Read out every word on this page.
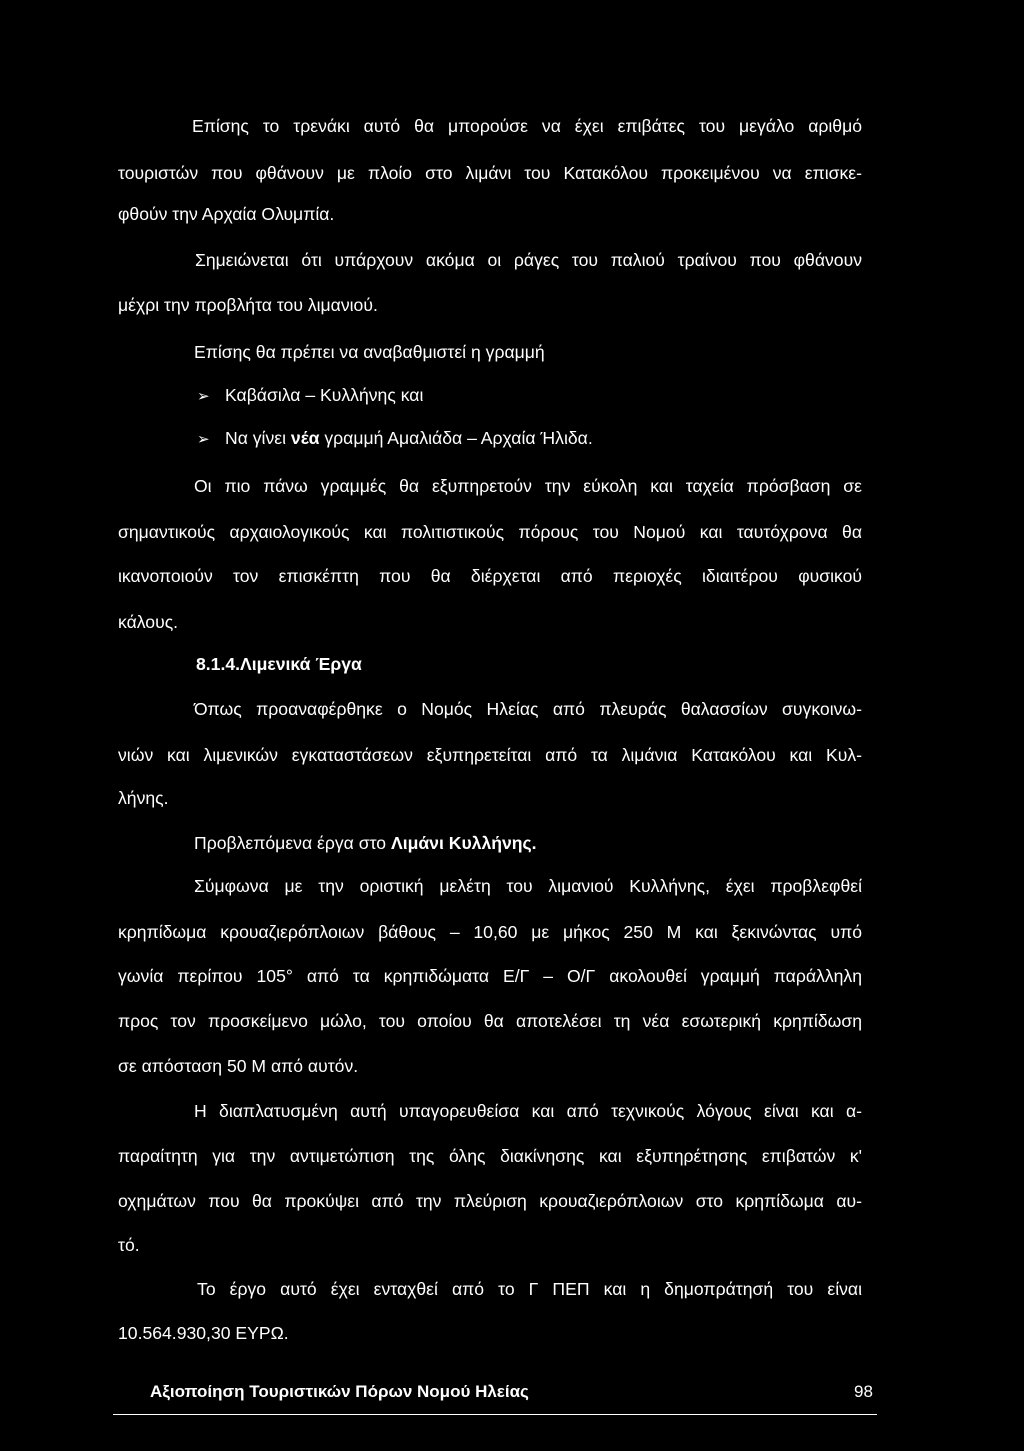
Επίσης το τρενάκι αυτό θα μπορούσε να έχει επιβάτες του μεγάλο αριθμό
τουριστών που φθάνουν με πλοίο στο λιμάνι του Κατακόλου προκειμένου να επισκε-
φθούν την Αρχαία Ολυμπία.
Σημειώνεται ότι υπάρχουν ακόμα οι ράγες του παλιού τραίνου που φθάνουν
μέχρι την προβλήτα του λιμανιού.
Επίσης θα πρέπει να αναβαθμιστεί η γραμμή
➢ Καβάσιλα – Κυλλήνης και
➢ Να γίνει νέα γραμμή Αμαλιάδα – Αρχαία Ήλιδα.
Οι πιο πάνω γραμμές θα εξυπηρετούν την εύκολη και ταχεία πρόσβαση σε
σημαντικούς αρχαιολογικούς και πολιτιστικούς πόρους του Νομού και ταυτόχρονα θα
ικανοποιούν τον επισκέπτη που θα διέρχεται από περιοχές ιδιαιτέρου φυσικού
κάλους.
8.1.4.Λιμενικά Έργα
Όπως προαναφέρθηκε ο Νομός Ηλείας από πλευράς θαλασσίων συγκοινω-
νιών και λιμενικών εγκαταστάσεων εξυπηρετείται από τα λιμάνια Κατακόλου και Κυλ-
λήνης.
Προβλεπόμενα έργα στο Λιμάνι Κυλλήνης.
Σύμφωνα με την οριστική μελέτη του λιμανιού Κυλλήνης, έχει προβλεφθεί
κρηπίδωμα κρουαζιερόπλοιων βάθους – 10,60 με μήκος 250 Μ και ξεκινώντας υπό
γωνία περίπου 105° από τα κρηπιδώματα Ε/Γ – Ο/Γ ακολουθεί γραμμή παράλληλη
προς τον προσκείμενο μώλο, του οποίου θα αποτελέσει τη νέα εσωτερική κρηπίδωση
σε απόσταση 50 Μ από αυτόν.
Η διαπλατυσμένη αυτή υπαγορευθείσα και από τεχνικούς λόγους είναι και α-
παραίτητη για την αντιμετώπιση της όλης διακίνησης και εξυπηρέτησης επιβατών κ'
οχημάτων που θα προκύψει από την πλεύριση κρουαζιερόπλοιων στο κρηπίδωμα αυ-
τό.
Το έργο αυτό έχει ενταχθεί από το Γ ΠΕΠ και η δημοπράτησή του είναι
10.564.930,30 ΕΥΡΩ.
Αξιοποίηση Τουριστικών Πόρων Νομού Ηλείας	98
